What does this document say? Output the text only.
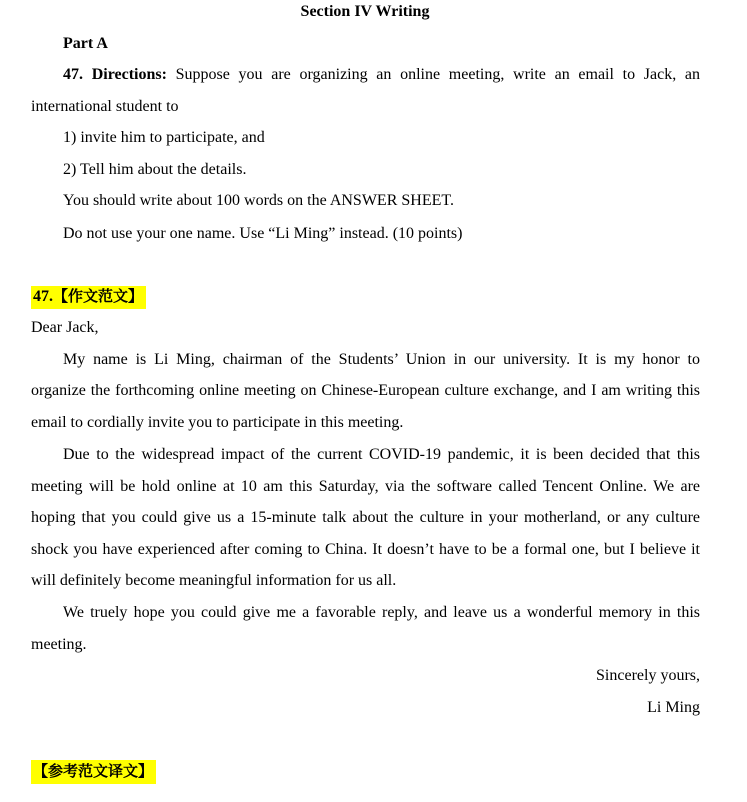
Section IV Writing
Part A
47. Directions: Suppose you are organizing an online meeting, write an email to Jack, an
international student to
1) invite him to participate, and
2) Tell him about the details.
You should write about 100 words on the ANSWER SHEET.
Do not use your one name. Use “Li Ming” instead. (10 points)
47.【作文范文】
Dear Jack,
My name is Li Ming, chairman of the Students’ Union in our university. It is my honor to
organize the forthcoming online meeting on Chinese-European culture exchange, and I am writing this
email to cordially invite you to participate in this meeting.
Due to the widespread impact of the current COVID-19 pandemic, it is been decided that this
meeting will be hold online at 10 am this Saturday, via the software called Tencent Online. We are
hoping that you could give us a 15-minute talk about the culture in your motherland, or any culture
shock you have experienced after coming to China. It doesn’t have to be a formal one, but I believe it
will definitely become meaningful information for us all.
We truely hope you could give me a favorable reply, and leave us a wonderful memory in this
meeting.
Sincerely yours,
Li Ming
【参考范文译文】
